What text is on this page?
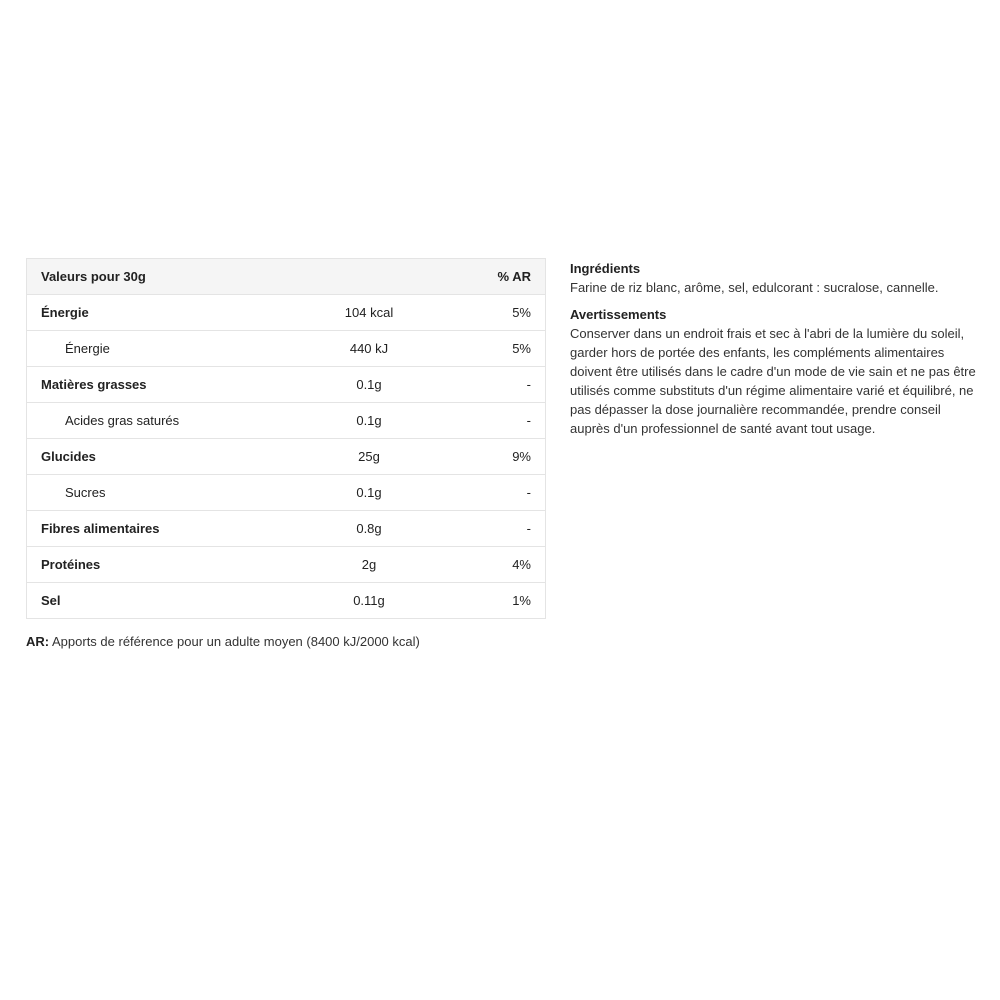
Valeurs pour 30g		% AR
Énergie	104 kcal	5%
Énergie	440 kJ	5%
Matières grasses	0.1g	-
Acides gras saturés	0.1g	-
Glucides	25g	9%
Sucres	0.1g	-
Fibres alimentaires	0.8g	-
Protéines	2g	4%
Sel	0.11g	1%

AR: Apports de référence pour un adulte moyen (8400 kJ/2000 kcal)

Ingrédients

Farine de riz blanc, arôme, sel, edulcorant : sucralose, cannelle.

Avertissements

Conserver dans un endroit frais et sec à l'abri de la lumière du soleil, garder hors de portée des enfants, les compléments alimentaires doivent être utilisés dans le cadre d'un mode de vie sain et ne pas être utilisés comme substituts d'un régime alimentaire varié et équilibré, ne pas dépasser la dose journalière recommandée, prendre conseil auprès d'un professionnel de santé avant tout usage.
